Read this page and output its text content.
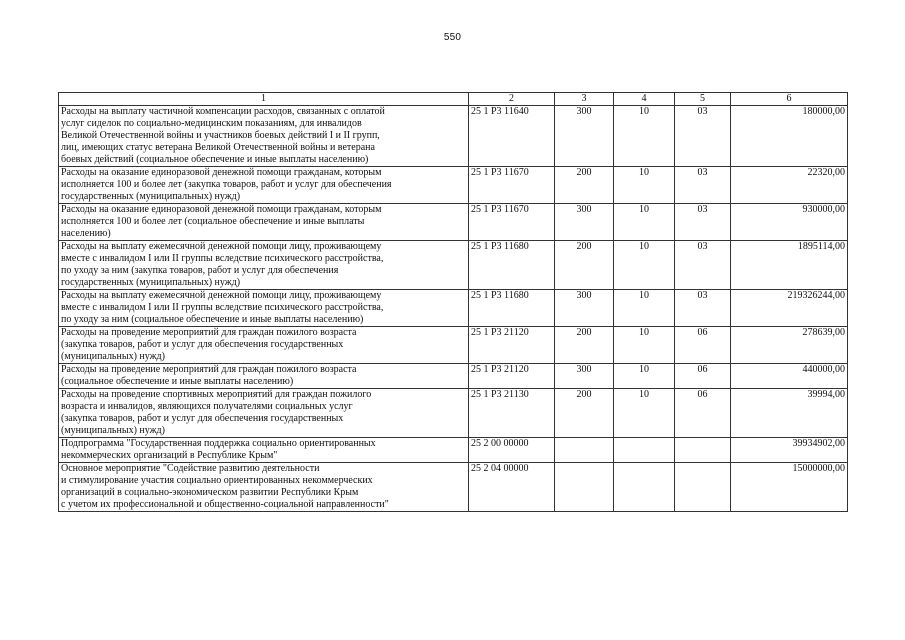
550
1	2	3	4	5	6
Расходы на выплату частичной компенсации расходов, связанных с оплатой
услуг сиделок по социально-медицинским показаниям, для инвалидов
Великой Отечественной войны и участников боевых действий I и II групп,
лиц, имеющих статус ветерана Великой Отечественной войны и ветерана
боевых действий (социальное обеспечение и иные выплаты населению)	25 1 Р3 11640	300	10	03	180000,00
Расходы на оказание единоразовой денежной помощи гражданам, которым
исполняется 100 и более лет (закупка товаров, работ и услуг для обеспечения
государственных (муниципальных) нужд)	25 1 Р3 11670	200	10	03	22320,00
Расходы на оказание единоразовой денежной помощи гражданам, которым
исполняется 100 и более лет (социальное обеспечение и иные выплаты
населению)	25 1 Р3 11670	300	10	03	930000,00
Расходы на выплату ежемесячной денежной помощи лицу, проживающему
вместе с инвалидом I или II группы вследствие психического расстройства,
по уходу за ним (закупка товаров, работ и услуг для обеспечения
государственных (муниципальных) нужд)	25 1 Р3 11680	200	10	03	1895114,00
Расходы на выплату ежемесячной денежной помощи лицу, проживающему
вместе с инвалидом I или II группы вследствие психического расстройства,
по уходу за ним (социальное обеспечение и иные выплаты населению)	25 1 Р3 11680	300	10	03	219326244,00
Расходы на проведение мероприятий для граждан пожилого возраста
(закупка товаров, работ и услуг для обеспечения государственных
(муниципальных) нужд)	25 1 Р3 21120	200	10	06	278639,00
Расходы на проведение мероприятий для граждан пожилого возраста
(социальное обеспечение и иные выплаты населению)	25 1 Р3 21120	300	10	06	440000,00
Расходы на проведение спортивных мероприятий для граждан пожилого
возраста и инвалидов, являющихся получателями социальных услуг
(закупка товаров, работ и услуг для обеспечения государственных
(муниципальных) нужд)	25 1 Р3 21130	200	10	06	39994,00
Подпрограмма "Государственная поддержка социально ориентированных
некоммерческих организаций в Республике Крым"	25 2 00 00000				39934902,00
Основное мероприятие "Содействие развитию деятельности
и стимулирование участия социально ориентированных некоммерческих
организаций в социально-экономическом развитии Республики Крым
с учетом их профессиональной и общественно-социальной направленности"	25 2 04 00000				15000000,00
